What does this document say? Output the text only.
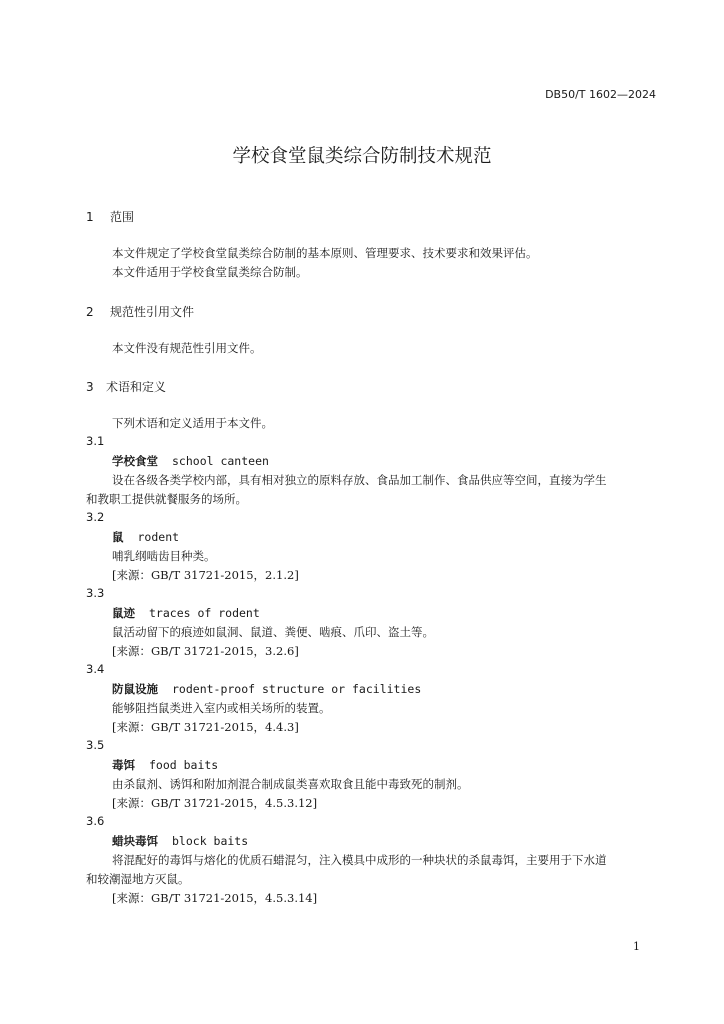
DB50/T 1602—2024
学校食堂鼠类综合防制技术规范
1 范围
本文件规定了学校食堂鼠类综合防制的基本原则、管理要求、技术要求和效果评估。
本文件适用于学校食堂鼠类综合防制。
2 规范性引用文件
本文件没有规范性引用文件。
3 术语和定义
下列术语和定义适用于本文件。
3.1
学校食堂 school canteen
设在各级各类学校内部，具有相对独立的原料存放、食品加工制作、食品供应等空间，直接为学生
和教职工提供就餐服务的场所。
3.2
鼠 rodent
哺乳纲啮齿目种类。
[来源：GB/T 31721-2015，2.1.2]
3.3
鼠迹 traces of rodent
鼠活动留下的痕迹如鼠洞、鼠道、粪便、啮痕、爪印、盗土等。
[来源：GB/T 31721-2015，3.2.6]
3.4
防鼠设施 rodent-proof structure or facilities
能够阻挡鼠类进入室内或相关场所的装置。
[来源：GB/T 31721-2015，4.4.3]
3.5
毒饵 food baits
由杀鼠剂、诱饵和附加剂混合制成鼠类喜欢取食且能中毒致死的制剂。
[来源：GB/T 31721-2015，4.5.3.12]
3.6
蜡块毒饵 block baits
将混配好的毒饵与熔化的优质石蜡混匀，注入模具中成形的一种块状的杀鼠毒饵，主要用于下水道
和较潮湿地方灭鼠。
[来源：GB/T 31721-2015，4.5.3.14]
1
